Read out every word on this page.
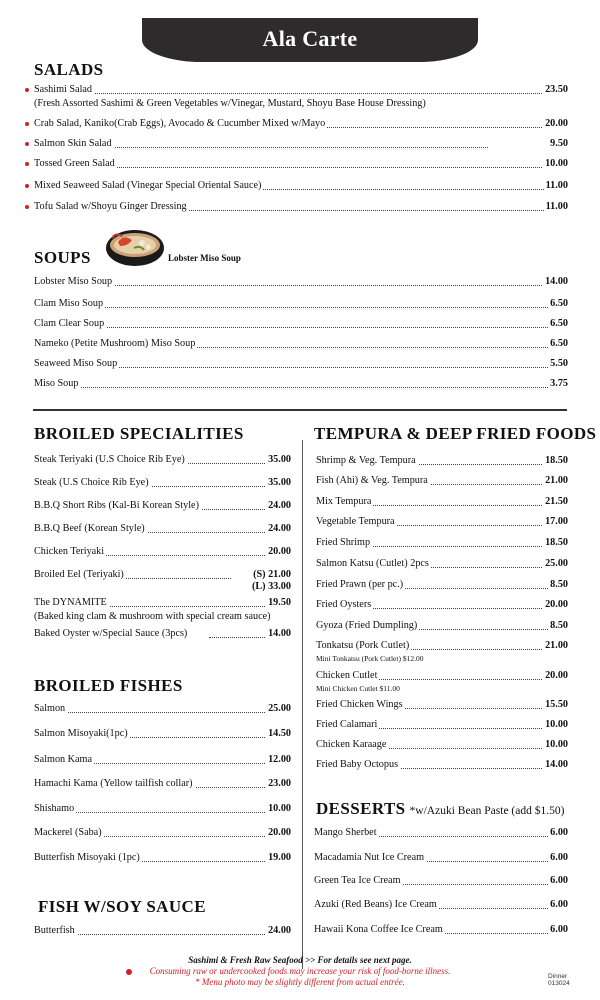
Ala Carte
SALADS
Sashimi Salad	23.50
(Fresh Assorted Sashimi & Green Vegetables w/Vinegar, Mustard, Shoyu Base House Dressing)
Crab Salad, Kaniko(Crab Eggs), Avocado & Cucumber Mixed w/Mayo	20.00
Salmon Skin Salad	9.50
Tossed Green Salad	10.00
Mixed Seaweed Salad (Vinegar Special Oriental Sauce)	11.00
Tofu Salad w/Shoyu Ginger Dressing	11.00
SOUPS	Lobster Miso Soup
Lobster Miso Soup	14.00
Clam Miso Soup	6.50
Clam Clear Soup	6.50
Nameko (Petite Mushroom) Miso Soup	6.50
Seaweed Miso Soup	5.50
Miso Soup	3.75
BROILED SPECIALITIES
Steak Teriyaki (U.S Choice Rib Eye)	35.00
Steak (U.S Choice Rib Eye)	35.00
B.B.Q Short Ribs (Kal-Bi Korean Style)	24.00
B.B.Q Beef (Korean Style)	24.00
Chicken Teriyaki	20.00
Broiled Eel (Teriyaki)	(S) 21.00
(L) 33.00
The DYNAMITE	19.50
(Baked king clam & mushroom with special cream sauce)
Baked Oyster w/Special Sauce (3pcs)	14.00
BROILED FISHES
Salmon	25.00
Salmon Misoyaki(1pc)	14.50
Salmon Kama	12.00
Hamachi Kama (Yellow tailfish collar)	23.00
Shishamo	10.00
Mackerel (Saba)	20.00
Butterfish Misoyaki (1pc)	19.00
FISH W/SOY SAUCE
Butterfish	24.00
TEMPURA & DEEP FRIED FOODS
Shrimp & Veg. Tempura	18.50
Fish (Ahi) & Veg. Tempura	21.00
Mix Tempura	21.50
Vegetable Tempura	17.00
Fried Shrimp	18.50
Salmon Katsu (Cutlet) 2pcs	25.00
Fried Prawn (per pc.)	8.50
Fried Oysters	20.00
Gyoza (Fried Dumpling)	8.50
Tonkatsu (Pork Cutlet)	21.00
Mini Tonkatsu (Pork Cutlet) $12.00
Chicken Cutlet	20.00
Mini Chicken Cutlet $11.00
Fried Chicken Wings	15.50
Fried Calamari	10.00
Chicken Karaage	10.00
Fried Baby Octopus	14.00
DESSERTS *w/Azuki Bean Paste (add $1.50)
Mango Sherbet	6.00
Macadamia Nut Ice Cream	6.00
Green Tea Ice Cream	6.00
Azuki (Red Beans) Ice Cream	6.00
Hawaii Kona Coffee Ice Cream	6.00
Sashimi & Fresh Raw Seafood >> For details see next page.
Consuming raw or undercooked foods may increase your risk of food-borne illness.
* Menu photo may be slightly different from actual entrée.
Dinner
013024
